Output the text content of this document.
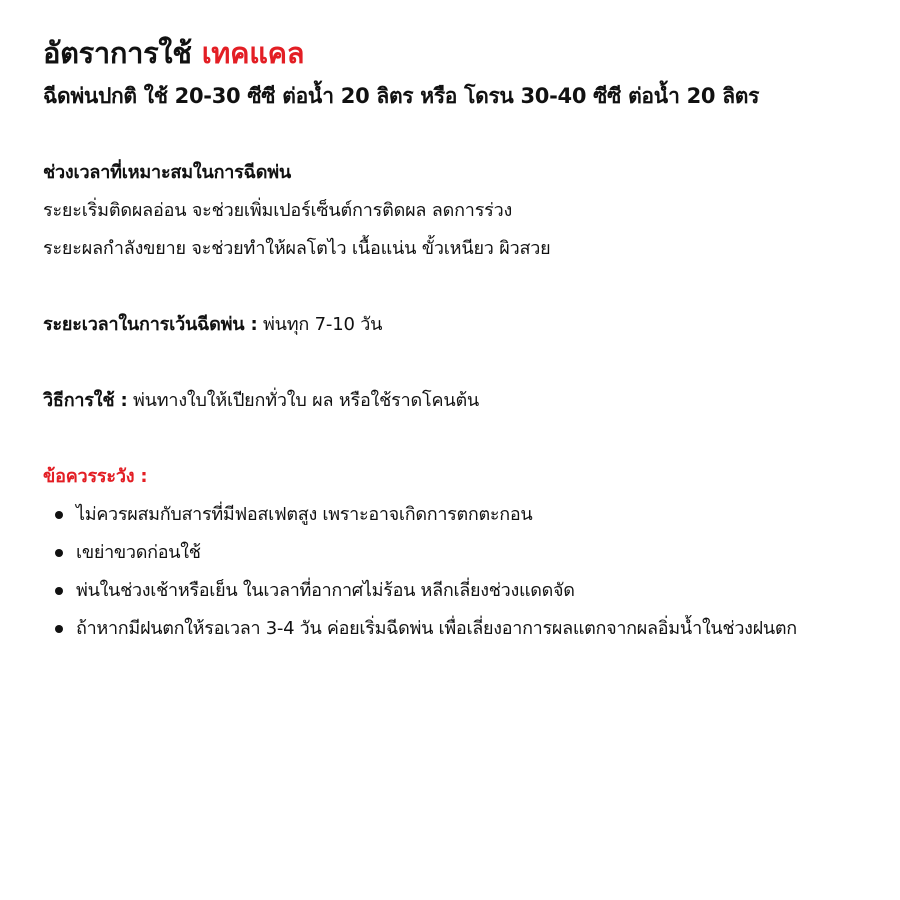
อัตราการใช้ เทคแคล

ฉีดพ่นปกติ ใช้ 20-30 ซีซี ต่อน้ำ 20 ลิตร หรือ โดรน 30-40 ซีซี ต่อน้ำ 20 ลิตร

ช่วงเวลาที่เหมาะสมในการฉีดพ่น

ระยะเริ่มติดผลอ่อน จะช่วยเพิ่มเปอร์เซ็นต์การติดผล ลดการร่วง

ระยะผลกำลังขยาย จะช่วยทำให้ผลโตไว เนื้อแน่น ขั้วเหนียว ผิวสวย

ระยะเวลาในการเว้นฉีดพ่น : พ่นทุก 7-10 วัน

วิธีการใช้ : พ่นทางใบให้เปียกทั่วใบ ผล หรือใช้ราดโคนต้น

ข้อควรระวัง :

ไม่ควรผสมกับสารที่มีฟอสเฟตสูง เพราะอาจเกิดการตกตะกอน
เขย่าขวดก่อนใช้
พ่นในช่วงเช้าหรือเย็น ในเวลาที่อากาศไม่ร้อน หลีกเลี่ยงช่วงแดดจัด
ถ้าหากมีฝนตกให้รอเวลา 3-4 วัน ค่อยเริ่มฉีดพ่น เพื่อเลี่ยงอาการผลแตกจากผลอิ่มน้ำในช่วงฝนตก
